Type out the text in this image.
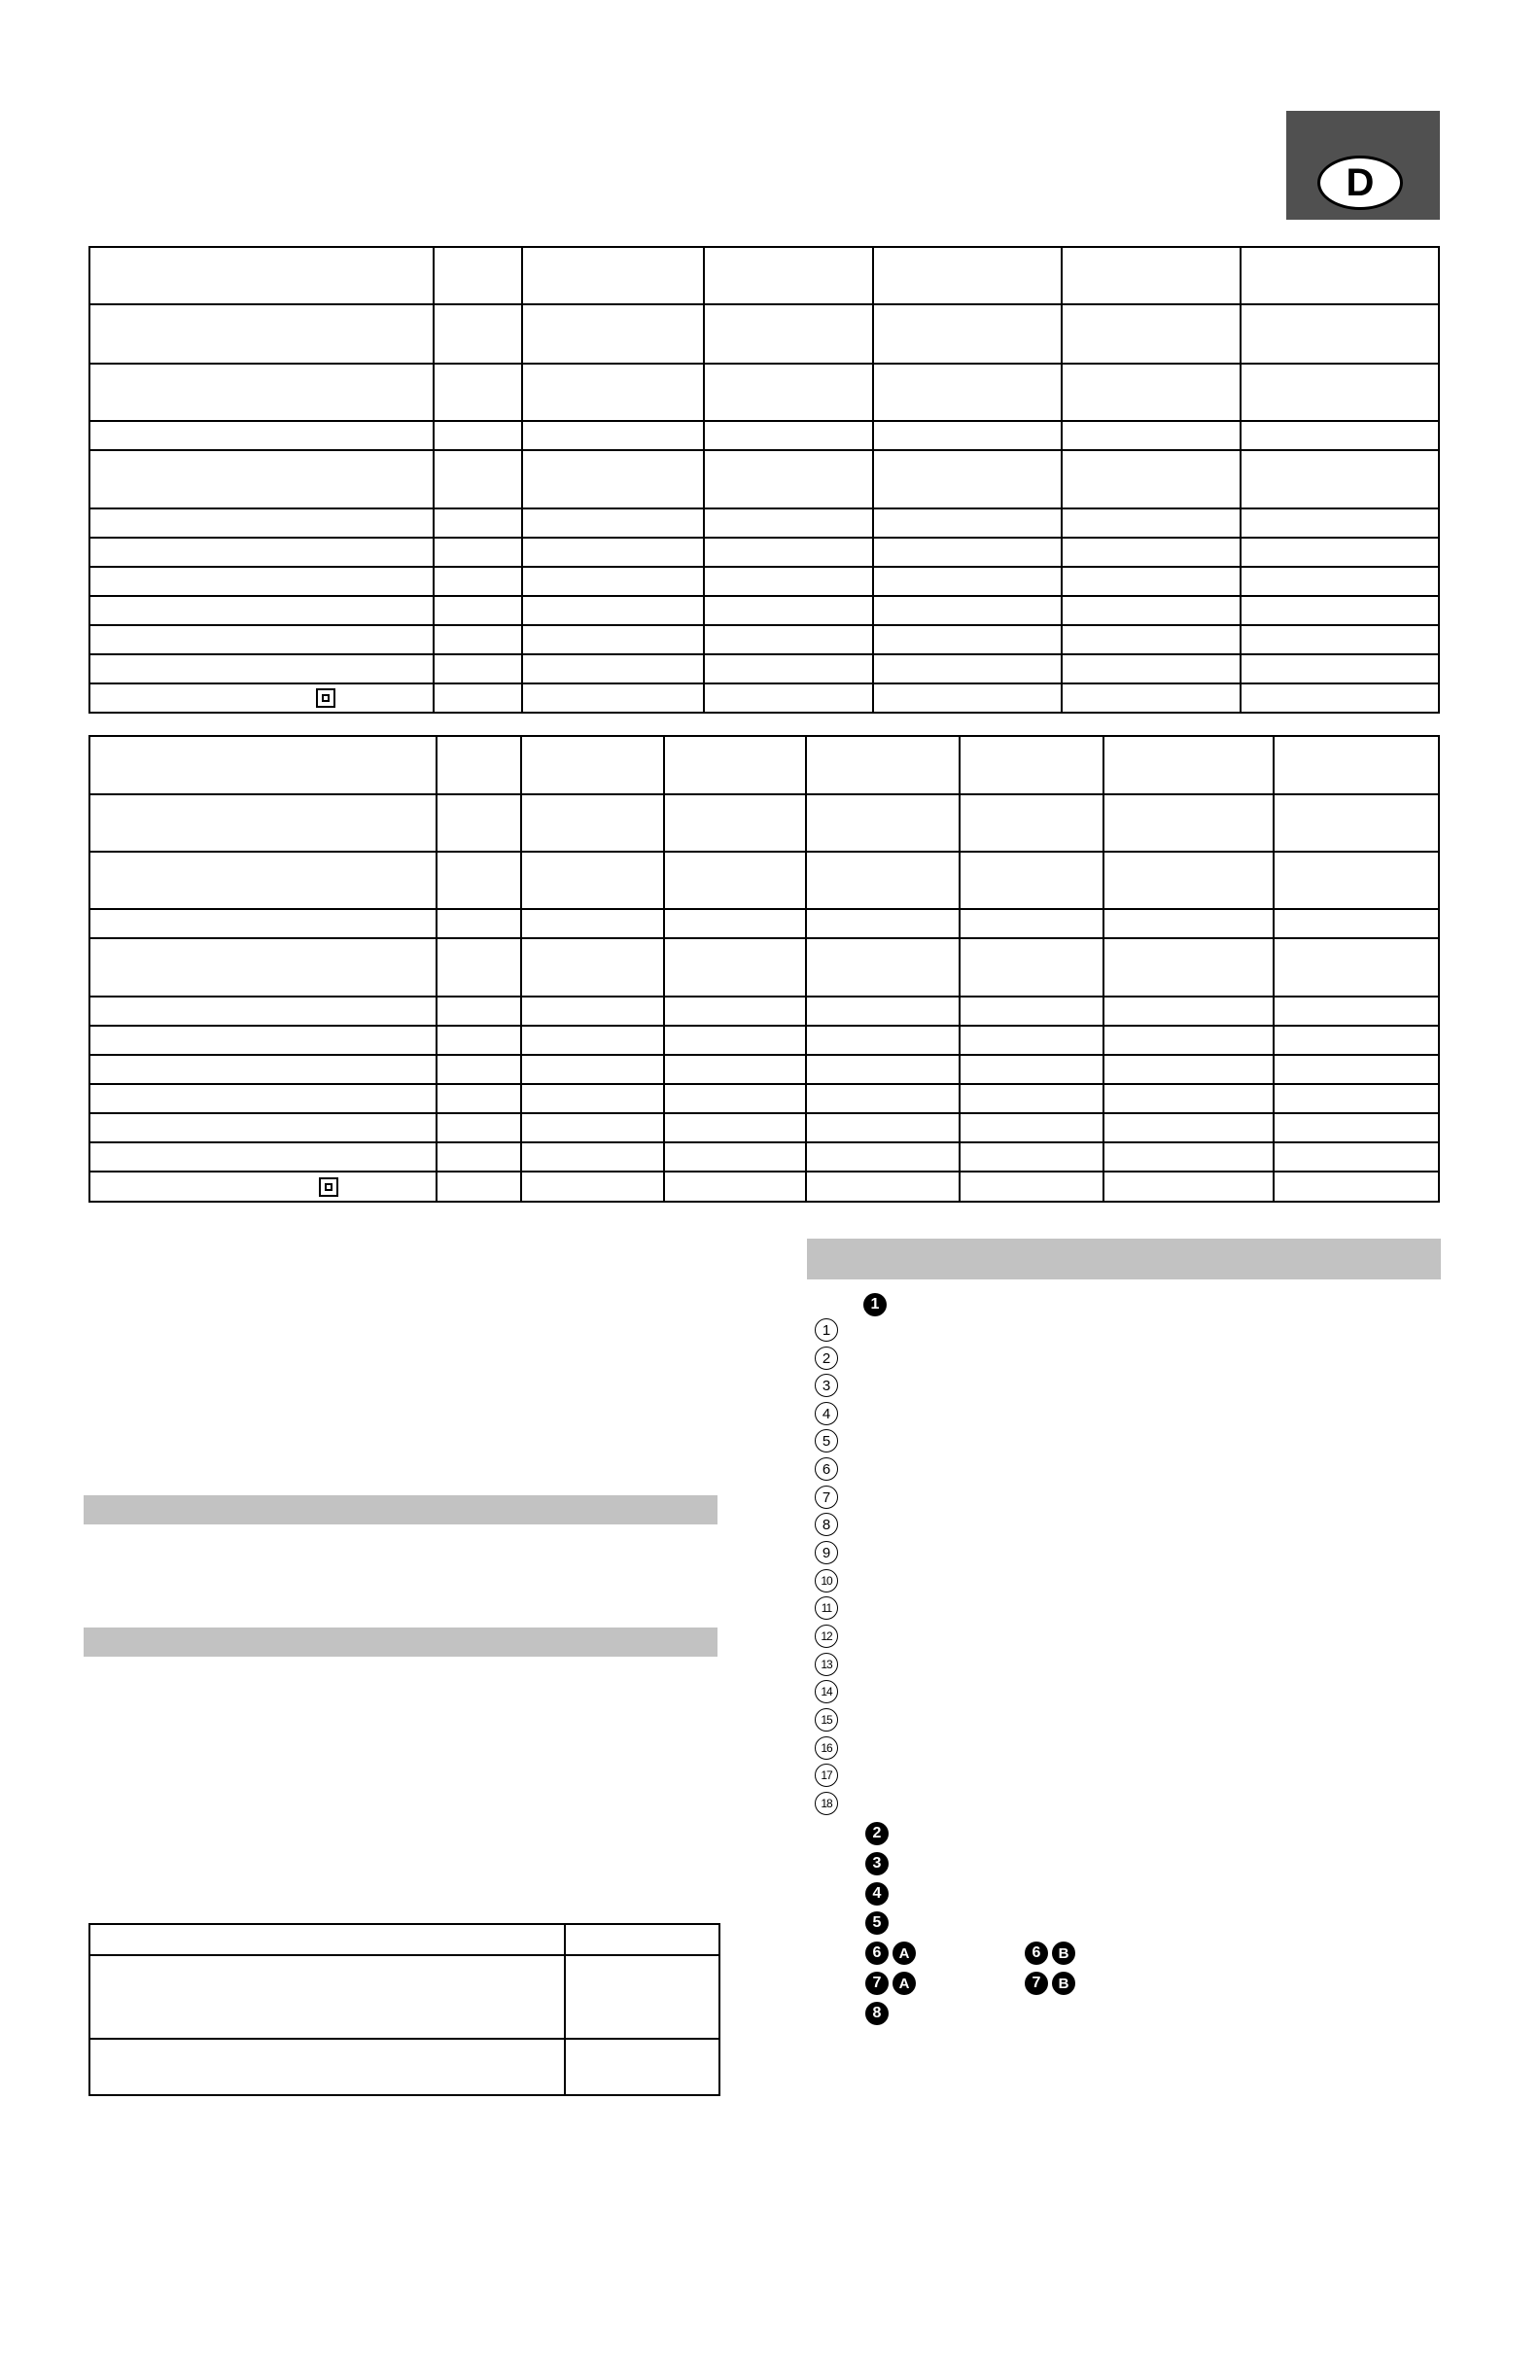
D

1
1
2
3
4
5
6
7
8
9
10
11
12
13
14
15
16
17
18
2
3
4
5
6	A	6	B
7	A	7	B
8
